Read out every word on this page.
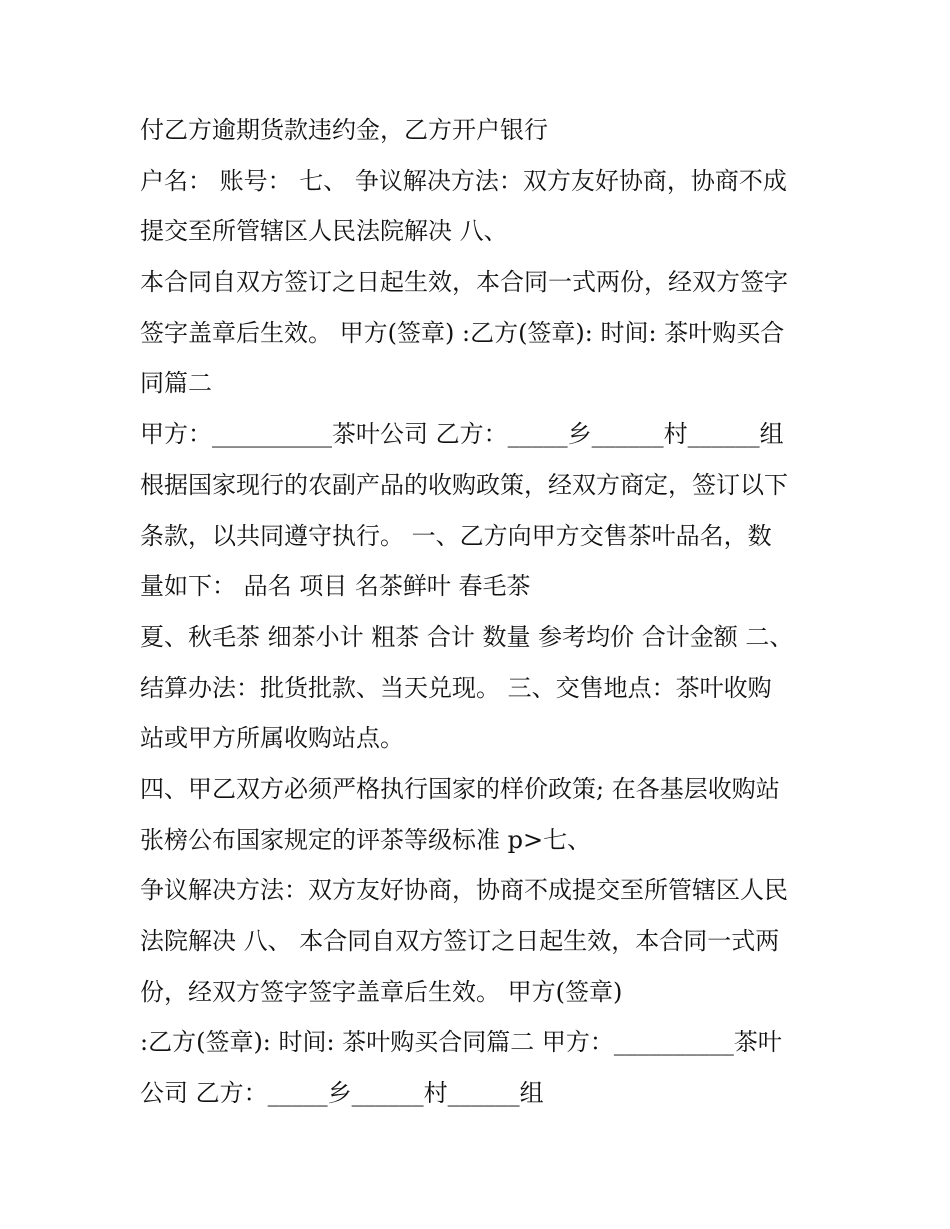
付乙方逾期货款违约金，乙方开户银行
户名： 账号： 七、 争议解决方法：双方友好协商，协商不成
提交至所管辖区人民法院解决 八、
本合同自双方签订之日起生效，本合同一式两份，经双方签字
签字盖章后生效。 甲方(签章) :乙方(签章): 时间: 茶叶购买合
同篇二
甲方：__________茶叶公司 乙方：_____乡______村______组
根据国家现行的农副产品的收购政策，经双方商定，签订以下
条款，以共同遵守执行。 一、乙方向甲方交售茶叶品名，数
量如下： 品名 项目 名茶鲜叶 春毛茶
夏、秋毛茶 细茶小计 粗茶 合计 数量 参考均价 合计金额 二、
结算办法：批货批款、当天兑现。 三、交售地点：茶叶收购
站或甲方所属收购站点。
四、甲乙双方必须严格执行国家的样价政策; 在各基层收购站
张榜公布国家规定的评茶等级标准 p>七、
争议解决方法：双方友好协商，协商不成提交至所管辖区人民
法院解决 八、 本合同自双方签订之日起生效，本合同一式两
份，经双方签字签字盖章后生效。 甲方(签章)
:乙方(签章): 时间: 茶叶购买合同篇二 甲方：__________茶叶
公司 乙方：_____乡______村______组
